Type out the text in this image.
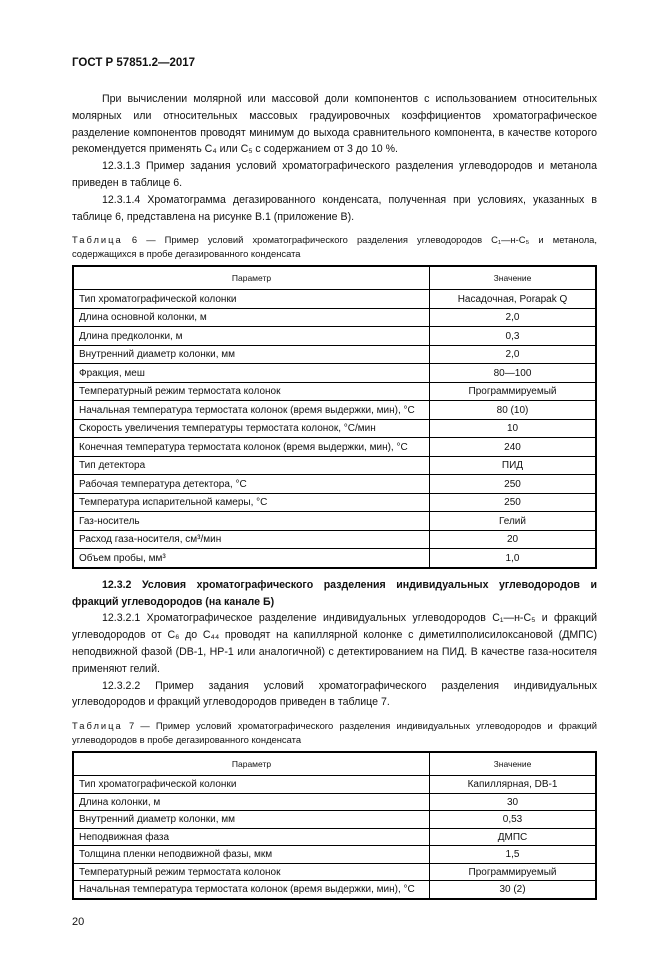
ГОСТ Р 57851.2—2017

При вычислении молярной или массовой доли компонентов с использованием относительных молярных или относительных массовых градуировочных коэффициентов хроматографическое разделение компонентов проводят минимум до выхода сравнительного компонента, в качестве которого рекомендуется применять C₄ или C₅ с содержанием от 3 до 10 %.

12.3.1.3 Пример задания условий хроматографического разделения углеводородов и метанола приведен в таблице 6.

12.3.1.4 Хроматограмма дегазированного конденсата, полученная при условиях, указанных в таблице 6, представлена на рисунке В.1 (приложение В).

Таблица 6 — Пример условий хроматографического разделения углеводородов C₁—н-C₅ и метанола, содержащихся в пробе дегазированного конденсата
Параметр	Значение
Тип хроматографической колонки	Насадочная, Porapak Q
Длина основной колонки, м	2,0
Длина предколонки, м	0,3
Внутренний диаметр колонки, мм	2,0
Фракция, меш	80—100
Температурный режим термостата колонок	Программируемый
Начальная температура термостата колонок (время выдержки, мин), °С	80 (10)
Скорость увеличения температуры термостата колонок, °С/мин	10
Конечная температура термостата колонок (время выдержки, мин), °С	240
Тип детектора	ПИД
Рабочая температура детектора, °С	250
Температура испарительной камеры, °С	250
Газ-носитель	Гелий
Расход газа-носителя, см³/мин	20
Объем пробы, мм³	1,0

12.3.2 Условия хроматографического разделения индивидуальных углеводородов и фракций углеводородов (на канале Б)

12.3.2.1 Хроматографическое разделение индивидуальных углеводородов C₁—н-C₅ и фракций углеводородов от C₆ до C₄₄ проводят на капиллярной колонке с диметилполисилоксановой (ДМПС) неподвижной фазой (DB-1, HP-1 или аналогичной) с детектированием на ПИД. В качестве газа-носителя применяют гелий.

12.3.2.2 Пример задания условий хроматографического разделения индивидуальных углеводородов и фракций углеводородов приведен в таблице 7.

Таблица 7 — Пример условий хроматографического разделения индивидуальных углеводородов и фракций углеводородов в пробе дегазированного конденсата
Параметр	Значение
Тип хроматографической колонки	Капиллярная, DB-1
Длина колонки, м	30
Внутренний диаметр колонки, мм	0,53
Неподвижная фаза	ДМПС
Толщина пленки неподвижной фазы, мкм	1,5
Температурный режим термостата колонок	Программируемый
Начальная температура термостата колонок (время выдержки, мин), °С	30 (2)
20
